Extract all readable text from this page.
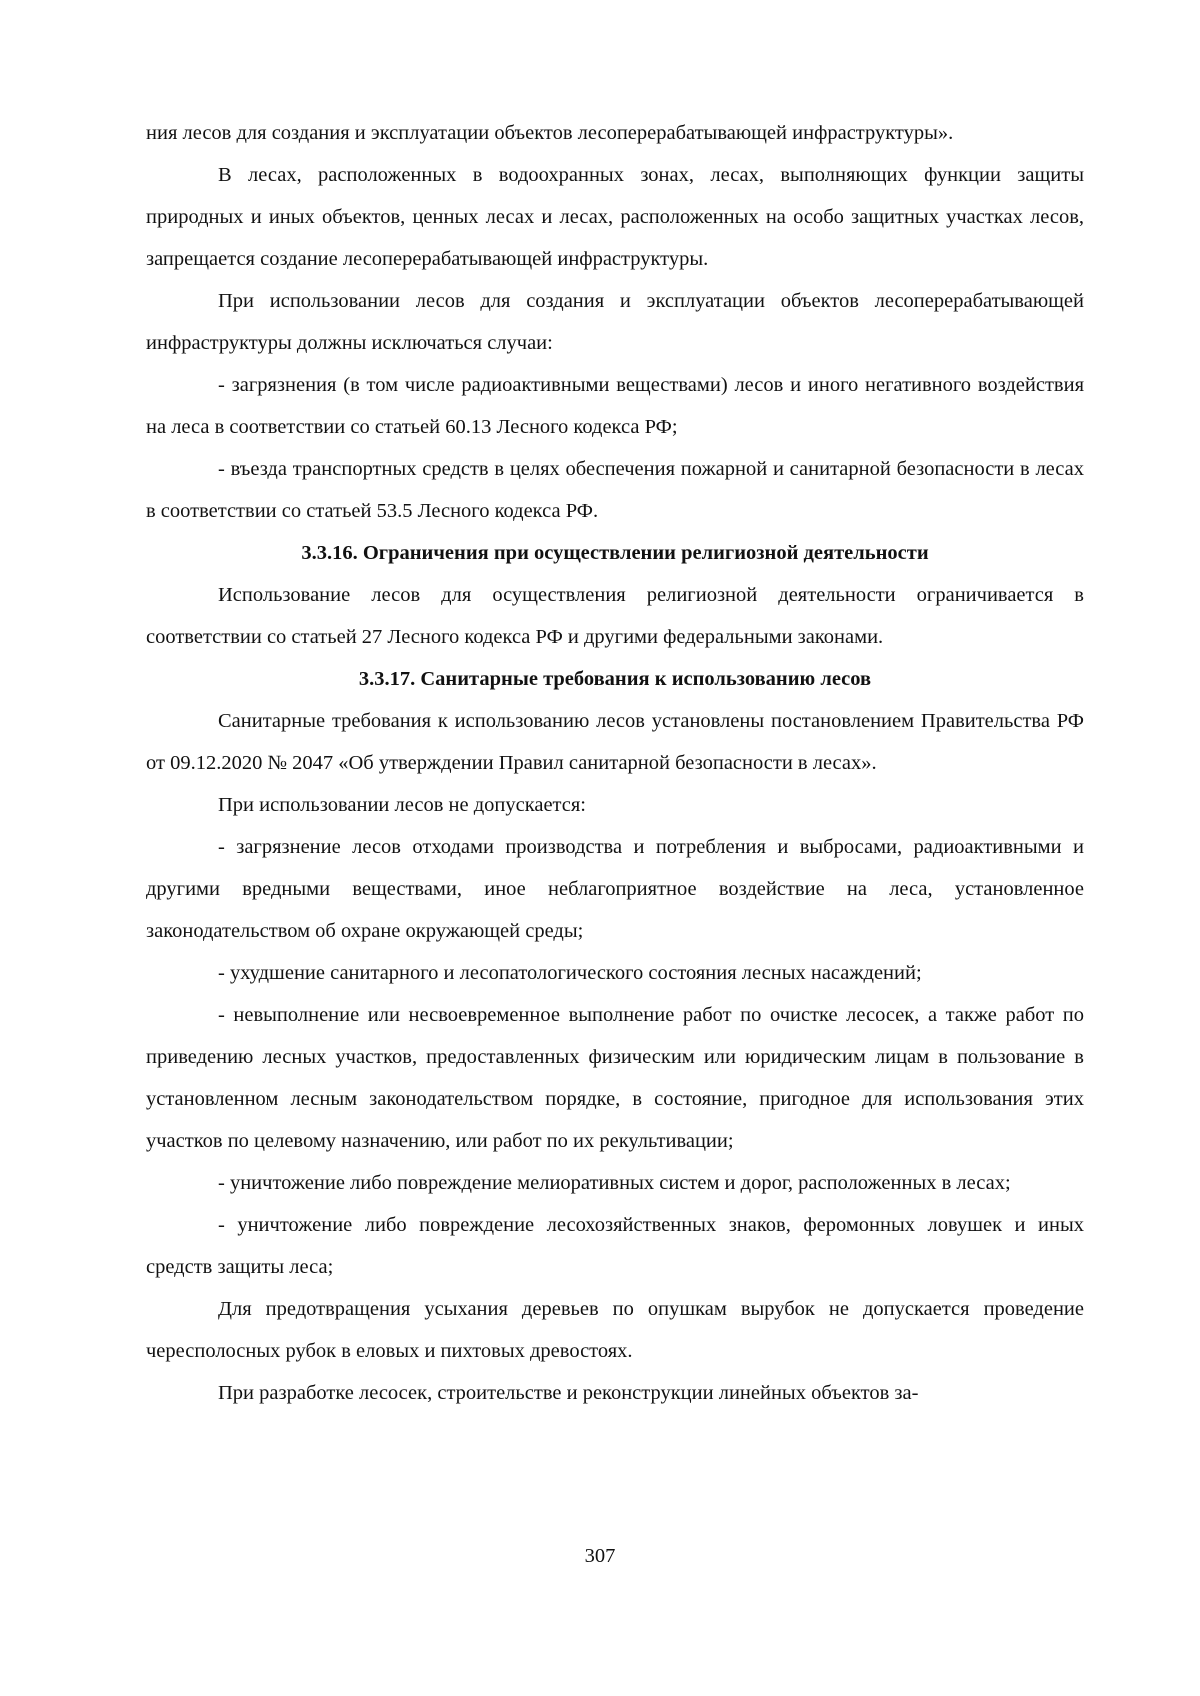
ния лесов для создания и эксплуатации объектов лесоперерабатывающей инфраструктуры».

В лесах, расположенных в водоохранных зонах, лесах, выполняющих функции защиты природных и иных объектов, ценных лесах и лесах, расположенных на особо защитных участках лесов, запрещается создание лесоперерабатывающей инфраструктуры.

При использовании лесов для создания и эксплуатации объектов лесоперерабатывающей инфраструктуры должны исключаться случаи:

- загрязнения (в том числе радиоактивными веществами) лесов и иного негативного воздействия на леса в соответствии со статьей 60.13 Лесного кодекса РФ;

- въезда транспортных средств в целях обеспечения пожарной и санитарной безопасности в лесах в соответствии со статьей 53.5 Лесного кодекса РФ.

3.3.16. Ограничения при осуществлении религиозной деятельности

Использование лесов для осуществления религиозной деятельности ограничивается в соответствии со статьей 27 Лесного кодекса РФ и другими федеральными законами.

3.3.17. Санитарные требования к использованию лесов

Санитарные требования к использованию лесов установлены постановлением Правительства РФ от 09.12.2020 № 2047 «Об утверждении Правил санитарной безопасности в лесах».

При использовании лесов не допускается:

- загрязнение лесов отходами производства и потребления и выбросами, радиоактивными и другими вредными веществами, иное неблагоприятное воздействие на леса, установленное законодательством об охране окружающей среды;

- ухудшение санитарного и лесопатологического состояния лесных насаждений;

- невыполнение или несвоевременное выполнение работ по очистке лесосек, а также работ по приведению лесных участков, предоставленных физическим или юридическим лицам в пользование в установленном лесным законодательством порядке, в состояние, пригодное для использования этих участков по целевому назначению, или работ по их рекультивации;

- уничтожение либо повреждение мелиоративных систем и дорог, расположенных в лесах;

- уничтожение либо повреждение лесохозяйственных знаков, феромонных ловушек и иных средств защиты леса;

Для предотвращения усыхания деревьев по опушкам вырубок не допускается проведение чересполосных рубок в еловых и пихтовых древостоях.

При разработке лесосек, строительстве и реконструкции линейных объектов за-

307
